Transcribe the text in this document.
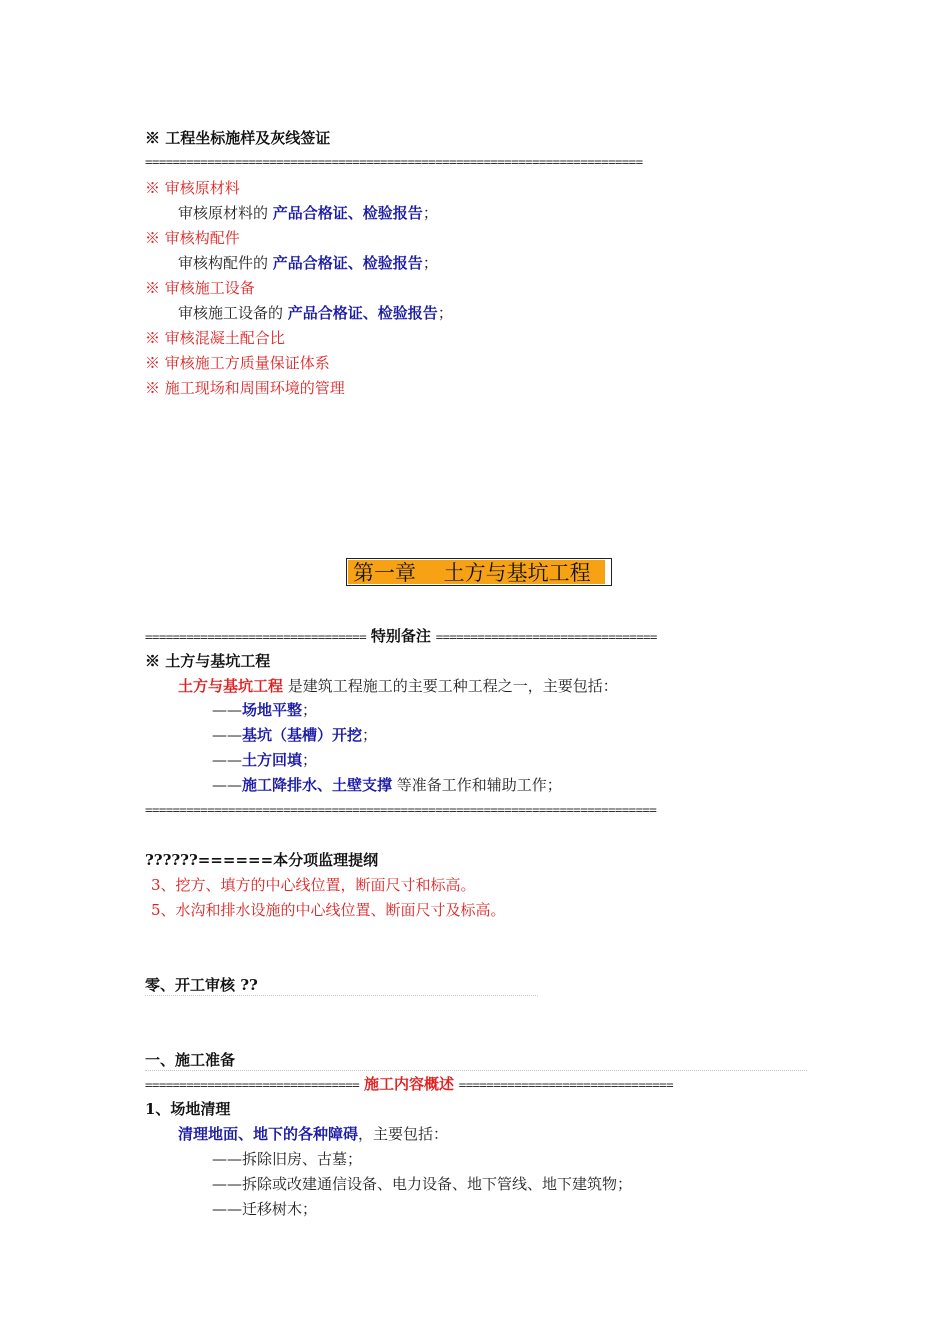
※ 工程坐标施样及灰线签证
========================================================================
※ 审核原材料
审核原材料的 产品合格证、检验报告；
※ 审核构配件
审核构配件的 产品合格证、检验报告；
※ 审核施工设备
审核施工设备的 产品合格证、检验报告；
※ 审核混凝土配合比
※ 审核施工方质量保证体系
※ 施工现场和周围环境的管理
第一章　 土方与基坑工程
================================ 特别备注 ================================
※ 土方与基坑工程
土方与基坑工程 是建筑工程施工的主要工种工程之一，主要包括：
——场地平整；
——基坑（基槽）开挖；
——土方回填；
——施工降排水、土壁支撑 等准备工作和辅助工作；
==========================================================================
??????======本分项监理提纲
3、挖方、填方的中心线位置，断面尺寸和标高。
5、水沟和排水设施的中心线位置、断面尺寸及标高。
零、开工审核 ??
一、施工准备
=============================== 施工内容概述 ===============================
1、场地清理
清理地面、地下的各种障碍，主要包括：
——拆除旧房、古墓；
——拆除或改建通信设备、电力设备、地下管线、地下建筑物；
——迁移树木；
